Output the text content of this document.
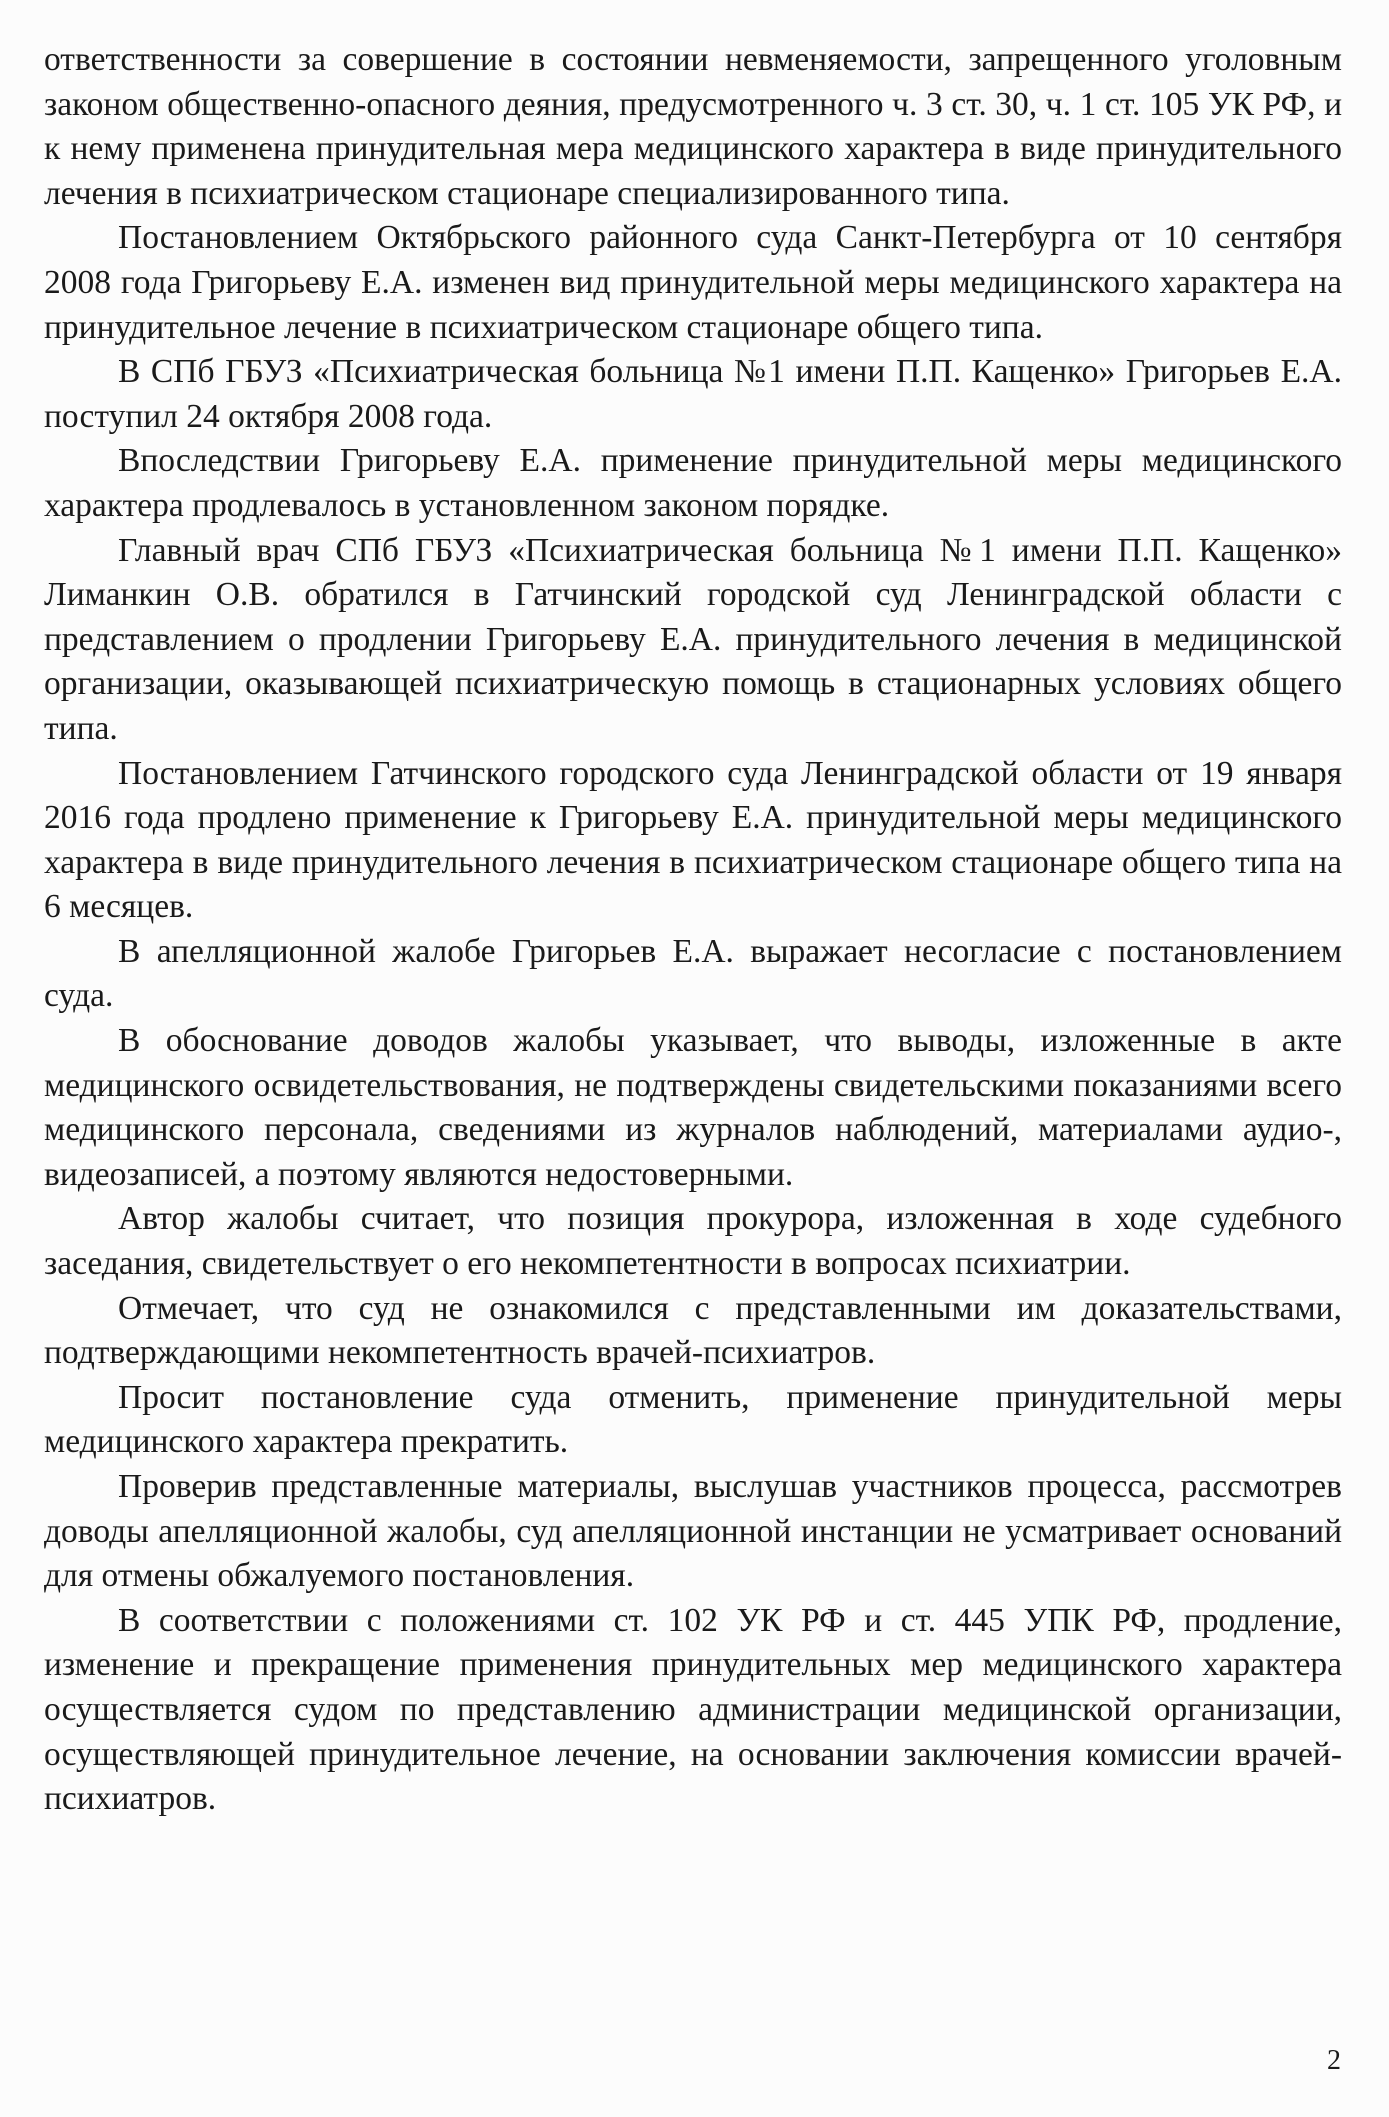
ответственности за совершение в состоянии невменяемости, запрещенного уголовным законом общественно-опасного деяния, предусмотренного ч. 3 ст. 30, ч. 1 ст. 105 УК РФ, и к нему применена принудительная мера медицинского характера в виде принудительного лечения в психиатрическом стационаре специализированного типа.

Постановлением Октябрьского районного суда Санкт-Петербурга от 10 сентября 2008 года Григорьеву Е.А. изменен вид принудительной меры медицинского характера на принудительное лечение в психиатрическом стационаре общего типа.

В СПб ГБУЗ «Психиатрическая больница №1 имени П.П. Кащенко» Григорьев Е.А. поступил 24 октября 2008 года.

Впоследствии Григорьеву Е.А. применение принудительной меры медицинского характера продлевалось в установленном законом порядке.

Главный врач СПб ГБУЗ «Психиатрическая больница №1 имени П.П. Кащенко» Лиманкин О.В. обратился в Гатчинский городской суд Ленинградской области с представлением о продлении Григорьеву Е.А. принудительного лечения в медицинской организации, оказывающей психиатрическую помощь в стационарных условиях общего типа.

Постановлением Гатчинского городского суда Ленинградской области от 19 января 2016 года продлено применение к Григорьеву Е.А. принудительной меры медицинского характера в виде принудительного лечения в психиатрическом стационаре общего типа на 6 месяцев.

В апелляционной жалобе Григорьев Е.А. выражает несогласие с постановлением суда.

В обоснование доводов жалобы указывает, что выводы, изложенные в акте медицинского освидетельствования, не подтверждены свидетельскими показаниями всего медицинского персонала, сведениями из журналов наблюдений, материалами аудио-, видеозаписей, а поэтому являются недостоверными.

Автор жалобы считает, что позиция прокурора, изложенная в ходе судебного заседания, свидетельствует о его некомпетентности в вопросах психиатрии.

Отмечает, что суд не ознакомился с представленными им доказательствами, подтверждающими некомпетентность врачей-психиатров.

Просит постановление суда отменить, применение принудительной меры медицинского характера прекратить.

Проверив представленные материалы, выслушав участников процесса, рассмотрев доводы апелляционной жалобы, суд апелляционной инстанции не усматривает оснований для отмены обжалуемого постановления.

В соответствии с положениями ст. 102 УК РФ и ст. 445 УПК РФ, продление, изменение и прекращение применения принудительных мер медицинского характера осуществляется судом по представлению администрации медицинской организации, осуществляющей принудительное лечение, на основании заключения комиссии врачей-психиатров.

2
